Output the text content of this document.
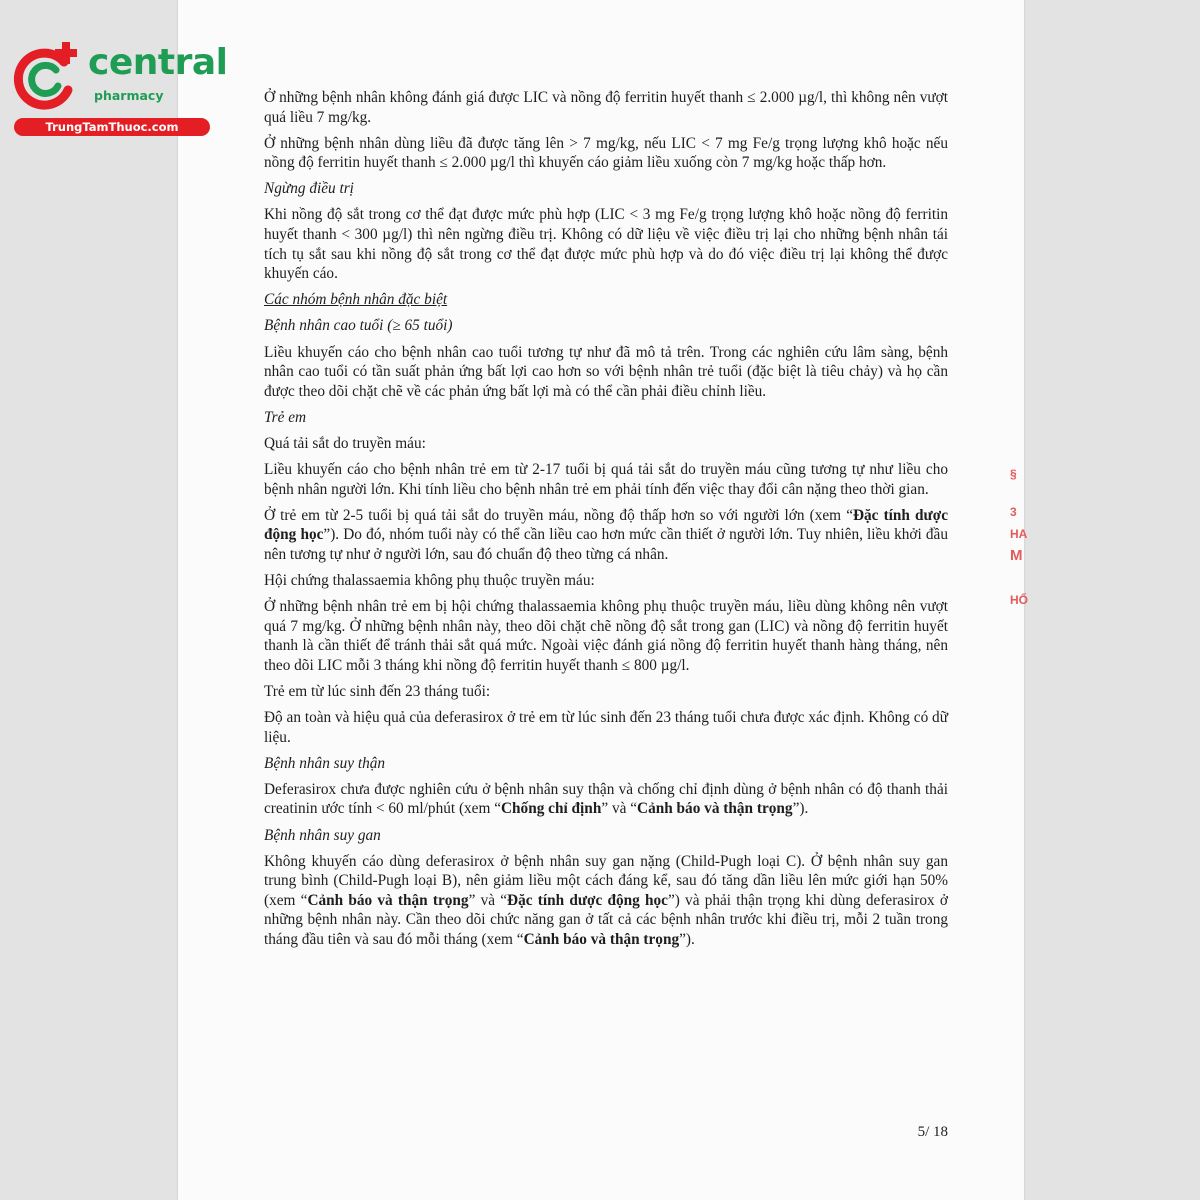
central
pharmacy
TrungTamThuoc.com
§
3
HA
M
HỐ

Ở những bệnh nhân không đánh giá được LIC và nồng độ ferritin huyết thanh ≤ 2.000 µg/l, thì không nên vượt quá liều 7 mg/kg.

Ở những bệnh nhân dùng liều đã được tăng lên > 7 mg/kg, nếu LIC < 7 mg Fe/g trọng lượng khô hoặc nếu nồng độ ferritin huyết thanh ≤ 2.000 µg/l thì khuyến cáo giảm liều xuống còn 7 mg/kg hoặc thấp hơn.

Ngừng điều trị

Khi nồng độ sắt trong cơ thể đạt được mức phù hợp (LIC < 3 mg Fe/g trọng lượng khô hoặc nồng độ ferritin huyết thanh < 300 µg/l) thì nên ngừng điều trị. Không có dữ liệu về việc điều trị lại cho những bệnh nhân tái tích tụ sắt sau khi nồng độ sắt trong cơ thể đạt được mức phù hợp và do đó việc điều trị lại không thể được khuyến cáo.

Các nhóm bệnh nhân đặc biệt

Bệnh nhân cao tuổi (≥ 65 tuổi)

Liều khuyến cáo cho bệnh nhân cao tuổi tương tự như đã mô tả trên. Trong các nghiên cứu lâm sàng, bệnh nhân cao tuổi có tần suất phản ứng bất lợi cao hơn so với bệnh nhân trẻ tuổi (đặc biệt là tiêu chảy) và họ cần được theo dõi chặt chẽ về các phản ứng bất lợi mà có thể cần phải điều chỉnh liều.

Trẻ em

Quá tải sắt do truyền máu:

Liều khuyến cáo cho bệnh nhân trẻ em từ 2-17 tuổi bị quá tải sắt do truyền máu cũng tương tự như liều cho bệnh nhân người lớn. Khi tính liều cho bệnh nhân trẻ em phải tính đến việc thay đổi cân nặng theo thời gian.

Ở trẻ em từ 2-5 tuổi bị quá tải sắt do truyền máu, nồng độ thấp hơn so với người lớn (xem “Đặc tính dược động học”). Do đó, nhóm tuổi này có thể cần liều cao hơn mức cần thiết ở người lớn. Tuy nhiên, liều khởi đầu nên tương tự như ở người lớn, sau đó chuẩn độ theo từng cá nhân.

Hội chứng thalassaemia không phụ thuộc truyền máu:

Ở những bệnh nhân trẻ em bị hội chứng thalassaemia không phụ thuộc truyền máu, liều dùng không nên vượt quá 7 mg/kg. Ở những bệnh nhân này, theo dõi chặt chẽ nồng độ sắt trong gan (LIC) và nồng độ ferritin huyết thanh là cần thiết để tránh thải sắt quá mức. Ngoài việc đánh giá nồng độ ferritin huyết thanh hàng tháng, nên theo dõi LIC mỗi 3 tháng khi nồng độ ferritin huyết thanh ≤ 800 µg/l.

Trẻ em từ lúc sinh đến 23 tháng tuổi:

Độ an toàn và hiệu quả của deferasirox ở trẻ em từ lúc sinh đến 23 tháng tuổi chưa được xác định. Không có dữ liệu.

Bệnh nhân suy thận

Deferasirox chưa được nghiên cứu ở bệnh nhân suy thận và chống chỉ định dùng ở bệnh nhân có độ thanh thải creatinin ước tính < 60 ml/phút (xem “Chống chỉ định” và “Cảnh báo và thận trọng”).

Bệnh nhân suy gan

Không khuyến cáo dùng deferasirox ở bệnh nhân suy gan nặng (Child-Pugh loại C). Ở bệnh nhân suy gan trung bình (Child-Pugh loại B), nên giảm liều một cách đáng kể, sau đó tăng dần liều lên mức giới hạn 50% (xem “Cảnh báo và thận trọng” và “Đặc tính dược động học”) và phải thận trọng khi dùng deferasirox ở những bệnh nhân này. Cần theo dõi chức năng gan ở tất cả các bệnh nhân trước khi điều trị, mỗi 2 tuần trong tháng đầu tiên và sau đó mỗi tháng (xem “Cảnh báo và thận trọng”).

5/ 18
